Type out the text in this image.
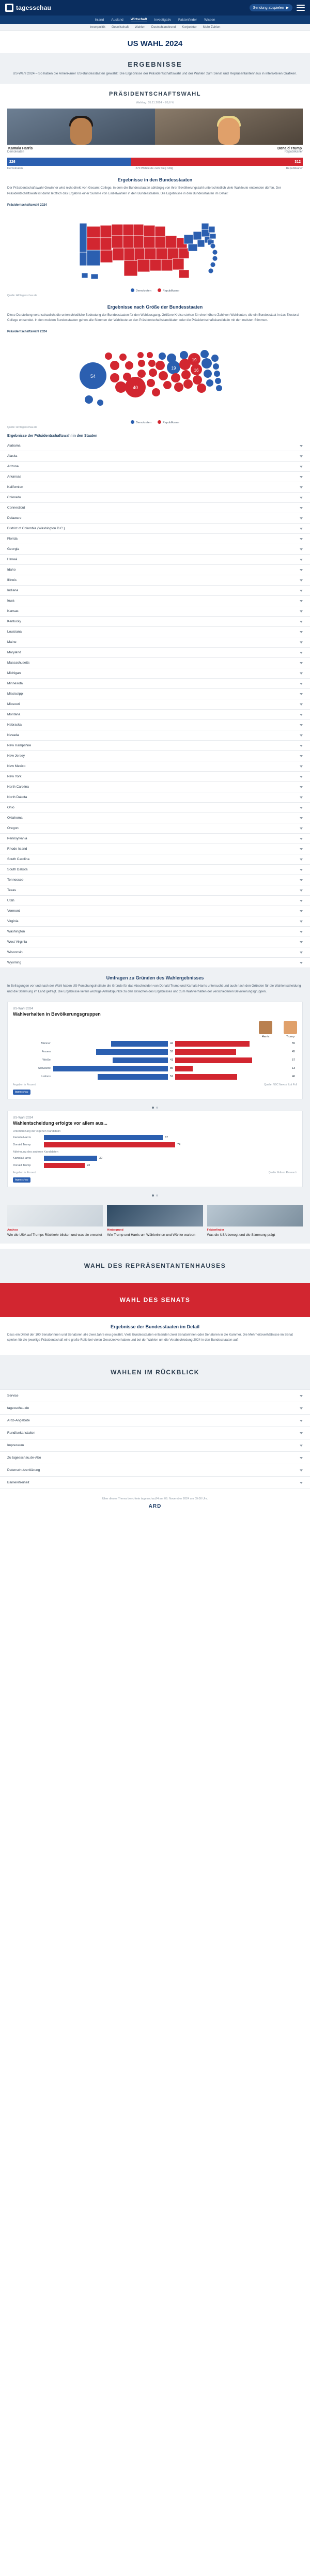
tagesschau	Sendung abspielen ▶
Inland Ausland Wirtschaft Investigativ Faktenfinder Wissen
Innenpolitik Gesellschaft Wahlen Deutschlandtrend Konjunktur Mehr Zahlen
US WAHL 2024
ERGEBNISSE

US-Wahl 2024 – So haben die Amerikaner US-Bundesstaaten gewählt: Die Ergebnisse der Präsidentschaftswahl und der Wahlen zum Senat und Repräsentantenhaus in interaktiven Grafiken.

PRÄSIDENTSCHAFTSWAHL
Wahltag: 05.11.2024 – 86,6 %
Kamala Harris
Demokraten
Donald Trump
Republikaner
226	312
Demokraten	270 Wahlleute zum Sieg nötig	Republikaner
Ergebnisse in den Bundesstaaten

Der Präsidentschaftswahl-Gewinner wird nicht direkt von Gesamt-College, in dem die Bundesstaaten abhängig von ihrer Bevölkerungszahl unterschiedlich viele Wahlleute entsenden dürfen. Der Präsidentschaftswahl ist damit letztlich das Ergebnis einer Summe von Einzelwahlen in den Bundesstaaten. Die Ergebnisse in den Bundesstaaten im Detail:

Präsidentschaftswahl 2024
Demokraten	Republikaner
Quelle: AP/tagesschau.de
Ergebnisse nach Größe der Bundesstaaten

Diese Darstellung veranschaulicht die unterschiedliche Bedeutung der Bundesstaaten für den Wahlausgang. Größere Kreise stehen für eine höhere Zahl von Wahlleuten, die ein Bundesstaat in das Electoral College entsendet. In den meisten Bundesstaaten gehen alle Stimmen der Wahlleute an den Präsidentschaftskandidaten oder die Präsidentschaftskandidatin mit den meisten Stimmen.

Präsidentschaftswahl 2024
54
40
19
19
16
Demokraten	Republikaner
Quelle: AP/tagesschau.de
Ergebnisse der Präsidentschaftswahl in den Staaten
Alabama
Alaska
Arizona
Arkansas
Kalifornien
Colorado
Connecticut
Delaware
District of Columbia (Washington D.C.)
Florida
Georgia
Hawaii
Idaho
Illinois
Indiana
Iowa
Kansas
Kentucky
Louisiana
Maine
Maryland
Massachusetts
Michigan
Minnesota
Mississippi
Missouri
Montana
Nebraska
Nevada
New Hampshire
New Jersey
New Mexico
New York
North Carolina
North Dakota
Ohio
Oklahoma
Oregon
Pennsylvania
Rhode Island
South Carolina
South Dakota
Tennessee
Texas
Utah
Vermont
Virginia
Washington
West Virginia
Wisconsin
Wyoming
Umfragen zu Gründen des Wahlergebnisses

In Befragungen vor und nach der Wahl haben US-Forschungsinstitute die Gründe für das Abschneiden von Donald Trump und Kamala Harris untersucht und auch nach den Gründen für die Wahlentscheidung und die Stimmung im Land gefragt. Die Ergebnisse liefern wichtige Anhaltspunkte zu den Ursachen des Ergebnisses und zum Wahlverhalten der verschiedenen Bevölkerungsgruppen.

US-Wahl 2024
Wahlverhalten in Bevölkerungsgruppen
Harris	Trump
Männer	42	55
Frauen	53	45
Weiße	41	57
Schwarze	85	13
Latinos	52	46
Angaben in Prozent	Quelle: NBC News / Exit Poll
tagesschau
US-Wahl 2024
Wahlentscheidung erfolgte vor allem aus...
Unterstützung der eigenen Kandidatin
Kamala Harris	67
Donald Trump	74
Ablehnung des anderen Kandidaten
Kamala Harris	30
Donald Trump	23
Angaben in Prozent	Quelle: Edison Research
tagesschau
Analyse
Wie die USA auf Trumps Rückkehr blicken und was sie erwartet
Hintergrund
Wie Trump und Harris um Wählerinnen und Wähler warben
Faktenfinder
Was die USA bewegt und die Stimmung prägt
WAHL DES REPRÄSENTANTENHAUSES
WAHL DES SENATS
Ergebnisse der Bundesstaaten im Detail

Dass ein Drittel der 100 Senatorinnen und Senatoren alle zwei Jahre neu gewählt. Viele Bundesstaaten entsenden zwei Senatorinnen oder Senatoren in die Kammer. Die Mehrheitsverhältnisse im Senat spielen für die jeweilige Präsidentschaft eine große Rolle bei vielen Gesetzesvorhaben und bei der Wahlen um die Verabschiedung 2024 in den Bundesstaaten auf.

WAHLEN IM RÜCKBLICK
Service
tagesschau.de
ARD-Angebote
Rundfunkanstalten
Impressum
Zu tagesschau.de-Abo
Datenschutzerklärung
Barrierefreiheit
Über dieses Thema berichtete tagesschau24 am 06. November 2024 um 09:00 Uhr.
ARD
